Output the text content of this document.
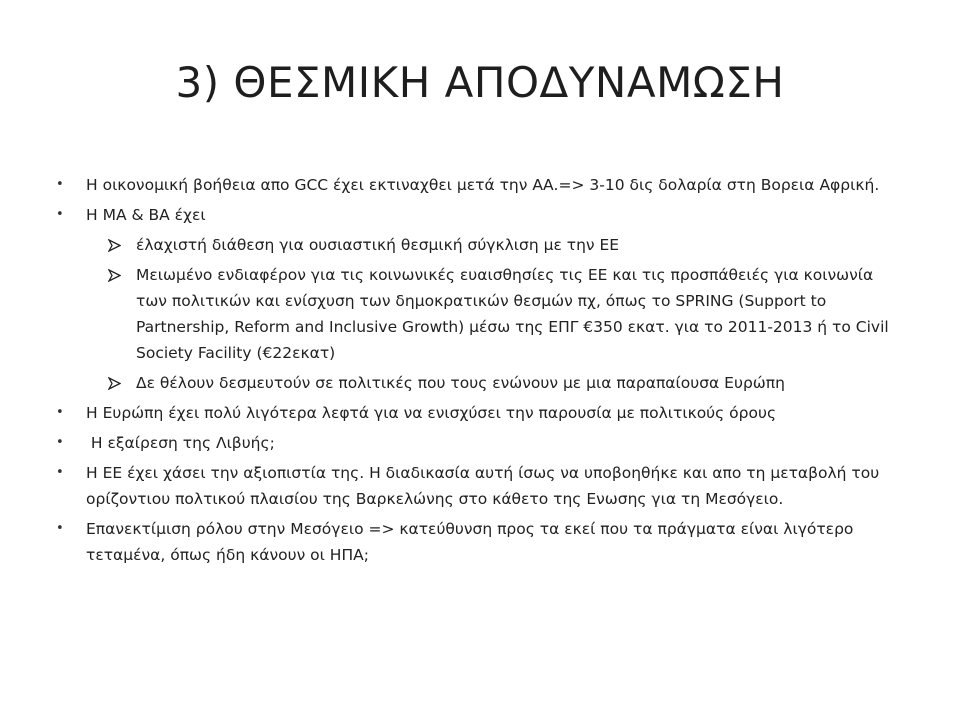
3) ΘΕΣΜΙΚΗ ΑΠΟΔΥΝΑΜΩΣΗ
•	Η οικονομική βοήθεια απο GCC έχει εκτιναχθει μετά την ΑΑ.=> 3-10 δις δολαρία στη Βορεια Αφρική.
•	Η ΜΑ & ΒΑ έχει
έλαχιστή διάθεση για ουσιαστική θεσμική σύγκλιση με την ΕΕ
Μειωμένο ενδιαφέρον για τις κοινωνικές ευαισθησίες τις ΕΕ και τις προσπάθειές για κοινωνία των πολιτικών και ενίσχυση των δημοκρατικών θεσμών πχ, όπως το SPRING (Support to Partnership, Reform and Inclusive Growth) μέσω της ΕΠΓ €350 εκατ. για το 2011-2013 ή το Civil Society Facility (€22εκατ)
Δε θέλουν δεσμευτούν σε πολιτικές που τους ενώνουν με μια παραπαίουσα Ευρώπη
•	Η Ευρώπη έχει πολύ λιγότερα λεφτά για να ενισχύσει την παρουσία με πολιτικούς όρους
•	Η εξαίρεση της Λιβυής;
•	Η ΕΕ έχει χάσει την αξιοπιστία της. Η διαδικασία αυτή ίσως να υποβοηθήκε και απο τη μεταβολή του ορίζοντιου πολτικού πλαισίου της Βαρκελώνης στο κάθετο της Ενωσης για τη Μεσόγειο.
•	Επανεκτίμιση ρόλου στην Μεσόγειο => κατεύθυνση προς τα εκεί που τα πράγματα είναι λιγότερο τεταμένα, όπως ήδη κάνουν οι ΗΠΑ;
